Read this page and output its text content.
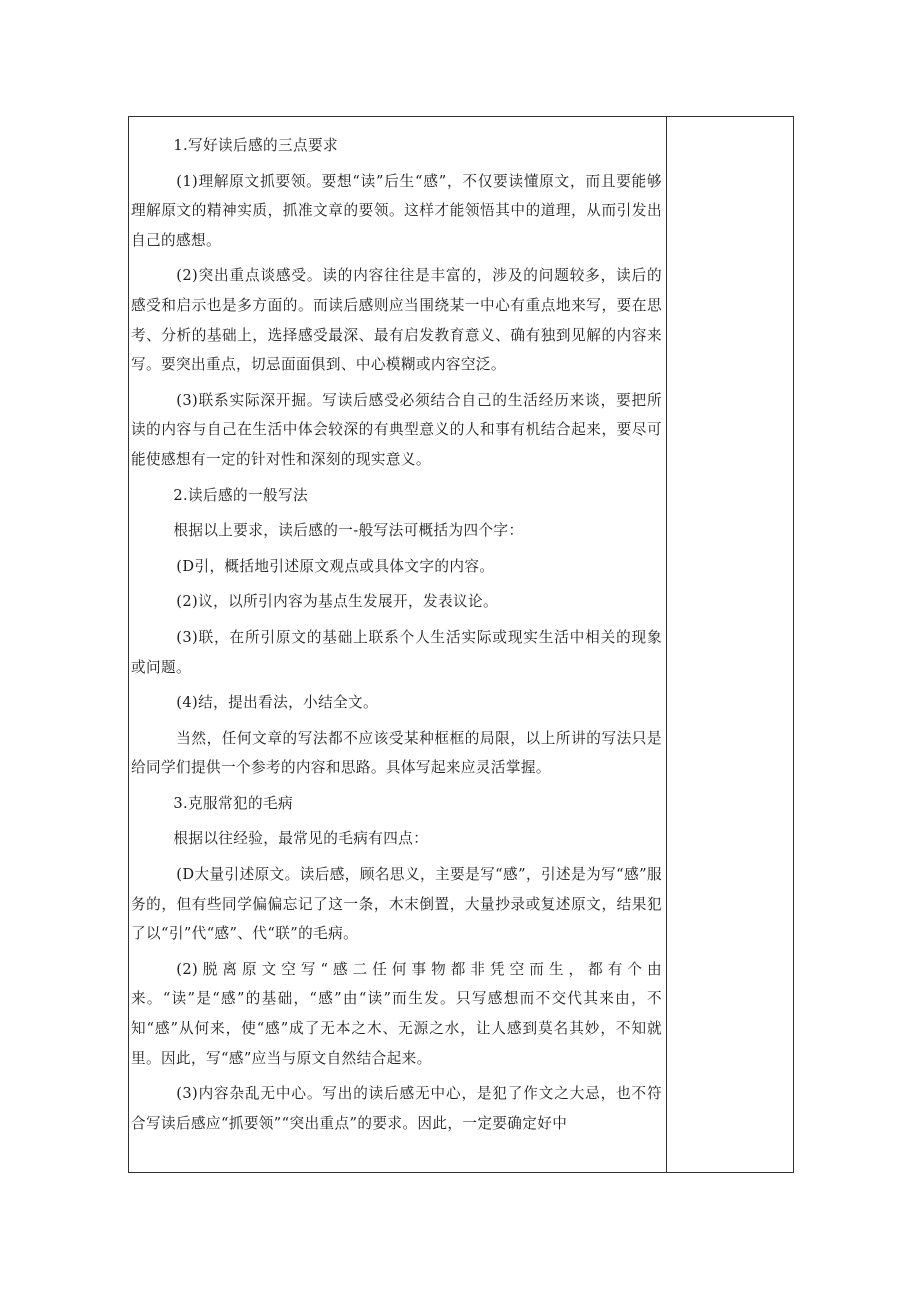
1.写好读后感的三点要求

(1)理解原文抓要领。要想“读”后生“感”，不仅要读懂原文，而且要能够理解原文的精神实质，抓准文章的要领。这样才能领悟其中的道理，从而引发出自己的感想。

(2)突出重点谈感受。读的内容往往是丰富的，涉及的问题较多，读后的感受和启示也是多方面的。而读后感则应当围绕某一中心有重点地来写，要在思考、分析的基础上，选择感受最深、最有启发教育意义、确有独到见解的内容来写。要突出重点，切忌面面俱到、中心模糊或内容空泛。

(3)联系实际深开掘。写读后感受必须结合自己的生活经历来谈，要把所读的内容与自己在生活中体会较深的有典型意义的人和事有机结合起来，要尽可能使感想有一定的针对性和深刻的现实意义。

2.读后感的一般写法

根据以上要求，读后感的一-般写法可概括为四个字：

(D引，概括地引述原文观点或具体文字的内容。

(2)议，以所引内容为基点生发展开，发表议论。

(3)联，在所引原文的基础上联系个人生活实际或现实生活中相关的现象或问题。

(4)结，提出看法，小结全文。

当然，任何文章的写法都不应该受某种框框的局限，以上所讲的写法只是给同学们提供一个参考的内容和思路。具体写起来应灵活掌握。

3.克服常犯的毛病

根据以往经验，最常见的毛病有四点：

(D大量引述原文。读后感，顾名思义，主要是写“感”，引述是为写“感”服务的，但有些同学偏偏忘记了这一条，木末倒置，大量抄录或复述原文，结果犯了以“引”代“感”、代“联”的毛病。

(2)脱离原文空写“感二任何事物都非凭空而生，都有个由来。“读”是“感”的基础，“感”由“读”而生发。只写感想而不交代其来由，不知“感”从何来，使“感”成了无本之木、无源之水，让人感到莫名其妙，不知就里。因此，写“感”应当与原文自然结合起来。

(3)内容杂乱无中心。写出的读后感无中心，是犯了作文之大忌，也不符合写读后感应“抓要领”“突出重点”的要求。因此，一定要确定好中
